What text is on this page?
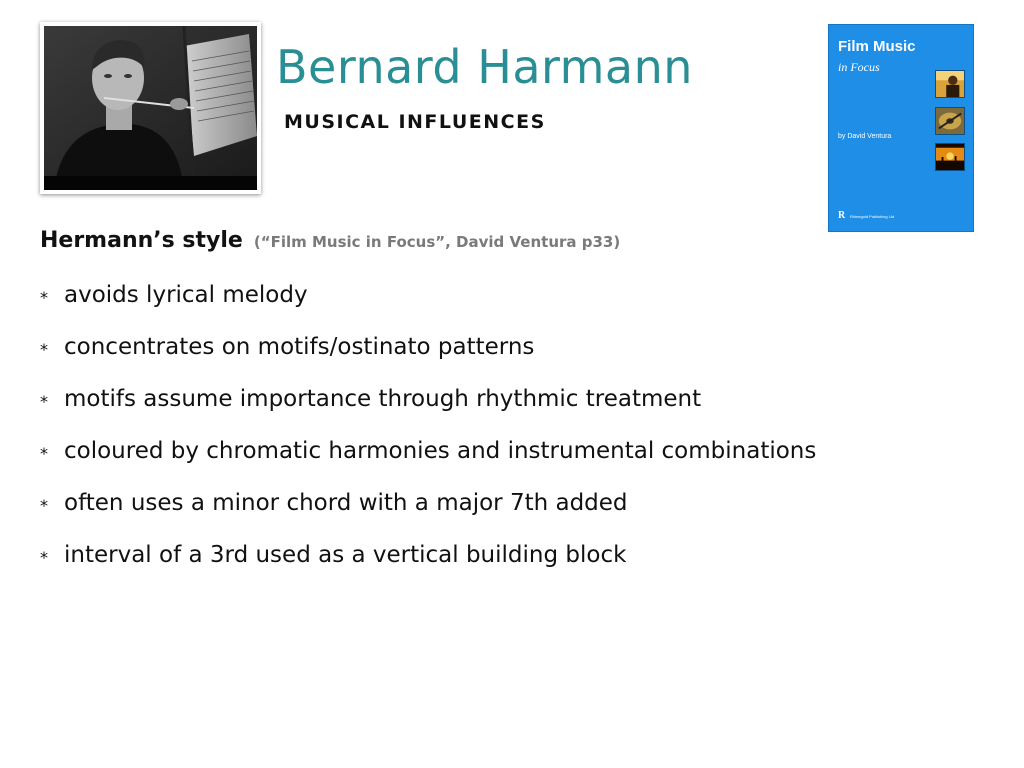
Bernard Harmann
MUSICAL INFLUENCES
Film Music
in Focus
by David Ventura
R Rhinegold Publishing Ltd
Hermann’s style (“Film Music in Focus”, David Ventura p33)
* avoids lyrical melody
* concentrates on motifs/ostinato patterns
* motifs assume importance through rhythmic treatment
* coloured by chromatic harmonies and instrumental combinations
* often uses a minor chord with a major 7th added
* interval of a 3rd used as a vertical building block
